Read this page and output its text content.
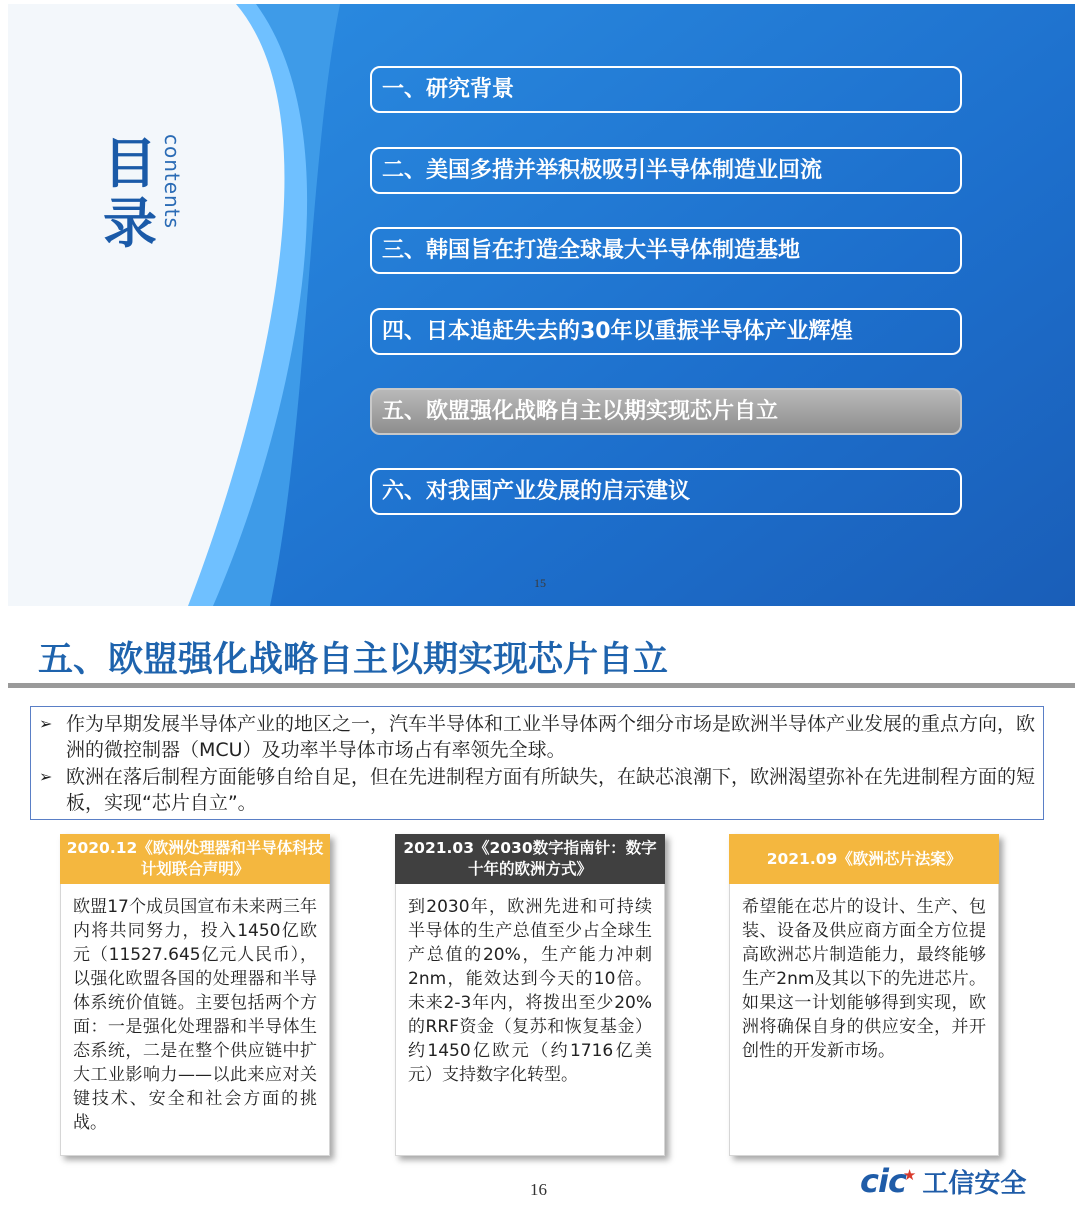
目
录 contents
一、研究背景
二、美国多措并举积极吸引半导体制造业回流
三、韩国旨在打造全球最大半导体制造基地
四、日本追赶失去的30年以重振半导体产业辉煌
五、欧盟强化战略自主以期实现芯片自立
六、对我国产业发展的启示建议
15
五、欧盟强化战略自主以期实现芯片自立
➢ 作为早期发展半导体产业的地区之一，汽车半导体和工业半导体两个细分市场是欧洲半导体产业发展的重点方向，欧洲的微控制器（MCU）及功率半导体市场占有率领先全球。
➢ 欧洲在落后制程方面能够自给自足，但在先进制程方面有所缺失，在缺芯浪潮下，欧洲渴望弥补在先进制程方面的短板，实现“芯片自立”。
2020.12《欧洲处理器和半导体科技计划联合声明》
欧盟17个成员国宣布未来两三年内将共同努力，投入1450亿欧元（11527.645亿元人民币），以强化欧盟各国的处理器和半导体系统价值链。主要包括两个方面：一是强化处理器和半导体生态系统，二是在整个供应链中扩大工业影响力——以此来应对关键技术、安全和社会方面的挑战。
2021.03《2030数字指南针：数字十年的欧洲方式》
到2030年，欧洲先进和可持续半导体的生产总值至少占全球生产总值的20%，生产能力冲刺2nm，能效达到今天的10倍。未来2-3年内，将拨出至少20%的RRF资金（复苏和恢复基金）约1450亿欧元（约1716亿美元）支持数字化转型。
2021.09《欧洲芯片法案》
希望能在芯片的设计、生产、包装、设备及供应商方面全方位提高欧洲芯片制造能力，最终能够生产2nm及其以下的先进芯片。如果这一计划能够得到实现，欧洲将确保自身的供应安全，并开创性的开发新市场。
16	cic★ 工信安全
